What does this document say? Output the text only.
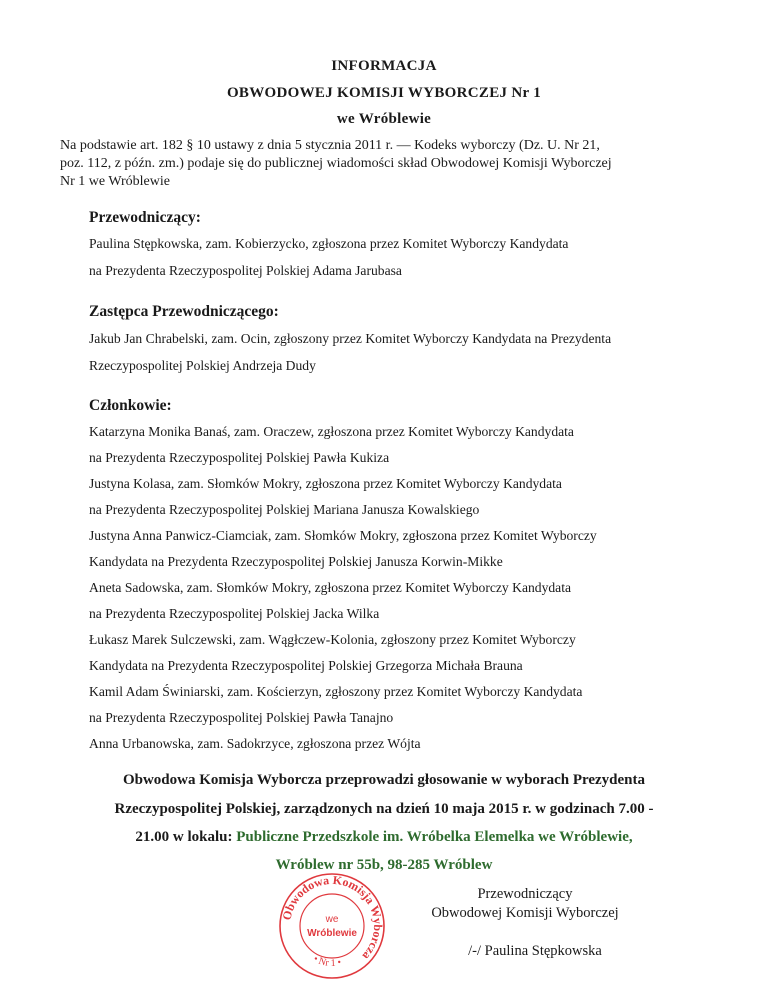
INFORMACJA
OBWODOWEJ KOMISJI WYBORCZEJ Nr 1
we Wróblewie
Na podstawie art. 182 § 10 ustawy z dnia 5 stycznia 2011 r. — Kodeks wyborczy (Dz. U. Nr 21,
poz. 112, z późn. zm.) podaje się do publicznej wiadomości skład Obwodowej Komisji Wyborczej
Nr 1 we Wróblewie
Przewodniczący:
Paulina Stępkowska, zam. Kobierzycko, zgłoszona przez Komitet Wyborczy Kandydata
na Prezydenta Rzeczypospolitej Polskiej Adama Jarubasa
Zastępca Przewodniczącego:
Jakub Jan Chrabelski, zam. Ocin, zgłoszony przez Komitet Wyborczy Kandydata na Prezydenta
Rzeczypospolitej Polskiej Andrzeja Dudy
Członkowie:
Katarzyna Monika Banaś, zam. Oraczew, zgłoszona przez Komitet Wyborczy Kandydata
na Prezydenta Rzeczypospolitej Polskiej Pawła Kukiza
Justyna Kolasa, zam. Słomków Mokry, zgłoszona przez Komitet Wyborczy Kandydata
na Prezydenta Rzeczypospolitej Polskiej Mariana Janusza Kowalskiego
Justyna Anna Panwicz-Ciamciak, zam. Słomków Mokry, zgłoszona przez Komitet Wyborczy
Kandydata na Prezydenta Rzeczypospolitej Polskiej Janusza Korwin-Mikke
Aneta Sadowska, zam. Słomków Mokry, zgłoszona przez Komitet Wyborczy Kandydata
na Prezydenta Rzeczypospolitej Polskiej Jacka Wilka
Łukasz Marek Sulczewski, zam. Wągłczew-Kolonia, zgłoszony przez Komitet Wyborczy
Kandydata na Prezydenta Rzeczypospolitej Polskiej Grzegorza Michała Brauna
Kamil Adam Świniarski, zam. Kościerzyn, zgłoszony przez Komitet Wyborczy Kandydata
na Prezydenta Rzeczypospolitej Polskiej Pawła Tanajno
Anna Urbanowska, zam. Sadokrzyce, zgłoszona przez Wójta
Obwodowa Komisja Wyborcza przeprowadzi głosowanie w wyborach Prezydenta
Rzeczypospolitej Polskiej, zarządzonych na dzień 10 maja 2015 r. w godzinach 7.00 -
21.00 w lokalu: Publiczne Przedszkole im. Wróbelka Elemelka we Wróblewie,
Wróblew nr 55b, 98-285 Wróblew
Obwodowa Komisja Wyborcza
• Nr 1 •
we
Wróblewie
Przewodniczący
Obwodowej Komisji Wyborczej
/-/ Paulina Stępkowska
